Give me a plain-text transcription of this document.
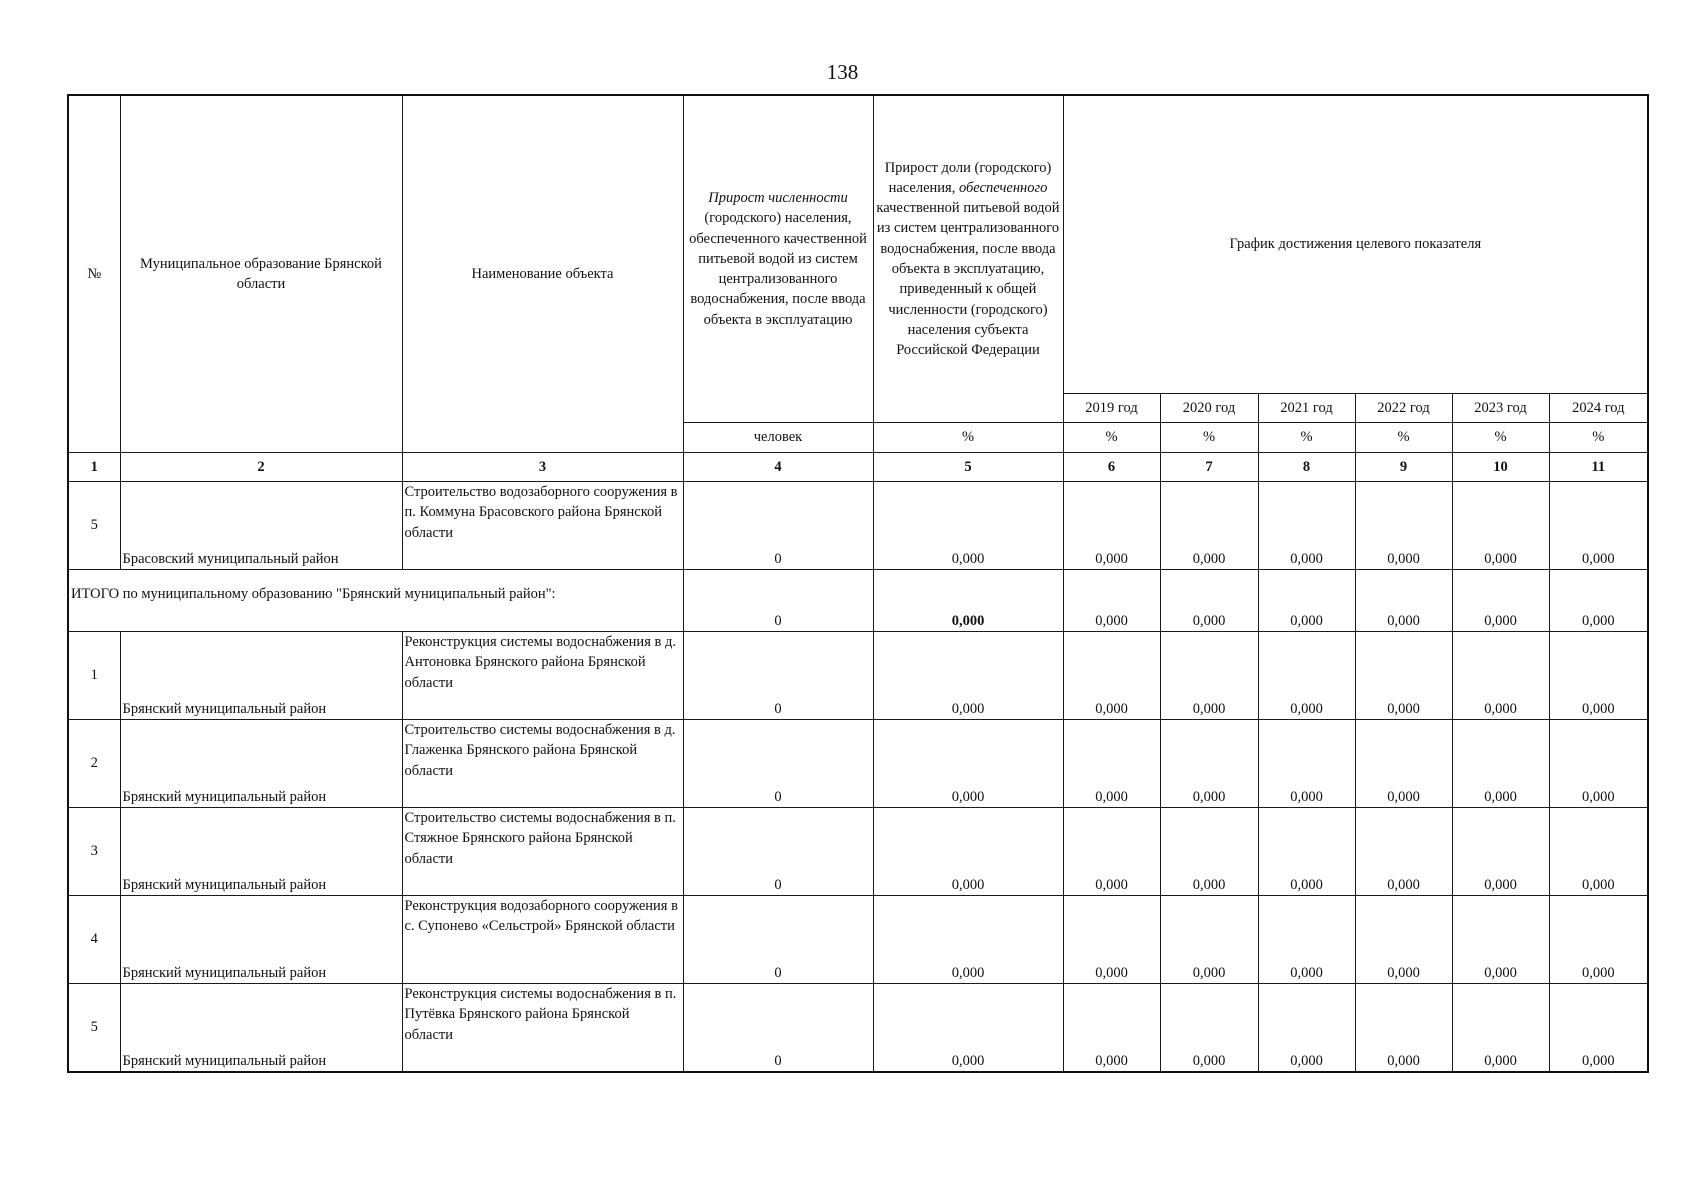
138
№	Муниципальное образование Брянской области	Наименование объекта	Прирост численности (городского) населения, обеспеченного качественной питьевой водой из систем централизованного водоснабжения, после ввода объекта в эксплуатацию	Прирост доли (городского) населения, обеспеченного качественной питьевой водой из систем централизованного водоснабжения, после ввода объекта в эксплуатацию, приведенный к общей численности (городского) населения субъекта Российской Федерации	График достижения целевого показателя					
					2019 год	2020 год	2021 год	2022 год	2023 год	2024 год
			человек	%	%	%	%	%	%	%
1	2	3	4	5	6	7	8	9	10	11
5	Брасовский муниципальный район	Строительство водозаборного сооружения в п. Коммуна Брасовского района Брянской области	0	0,000	0,000	0,000	0,000	0,000	0,000	0,000
ИТОГО по муниципальному образованию "Брянский муниципальный район":			0	0,000	0,000	0,000	0,000	0,000	0,000	0,000
1	Брянский муниципальный район	Реконструкция системы водоснабжения в д. Антоновка Брянского района Брянской области	0	0,000	0,000	0,000	0,000	0,000	0,000	0,000
2	Брянский муниципальный район	Строительство системы водоснабжения в д. Глаженка Брянского района Брянской области	0	0,000	0,000	0,000	0,000	0,000	0,000	0,000
3	Брянский муниципальный район	Строительство системы водоснабжения в п. Стяжное Брянского района Брянской области	0	0,000	0,000	0,000	0,000	0,000	0,000	0,000
4	Брянский муниципальный район	Реконструкция водозаборного сооружения в с. Супонево «Сельстрой» Брянской области	0	0,000	0,000	0,000	0,000	0,000	0,000	0,000
5	Брянский муниципальный район	Реконструкция системы водоснабжения в п. Путёвка Брянского района Брянской области	0	0,000	0,000	0,000	0,000	0,000	0,000	0,000
